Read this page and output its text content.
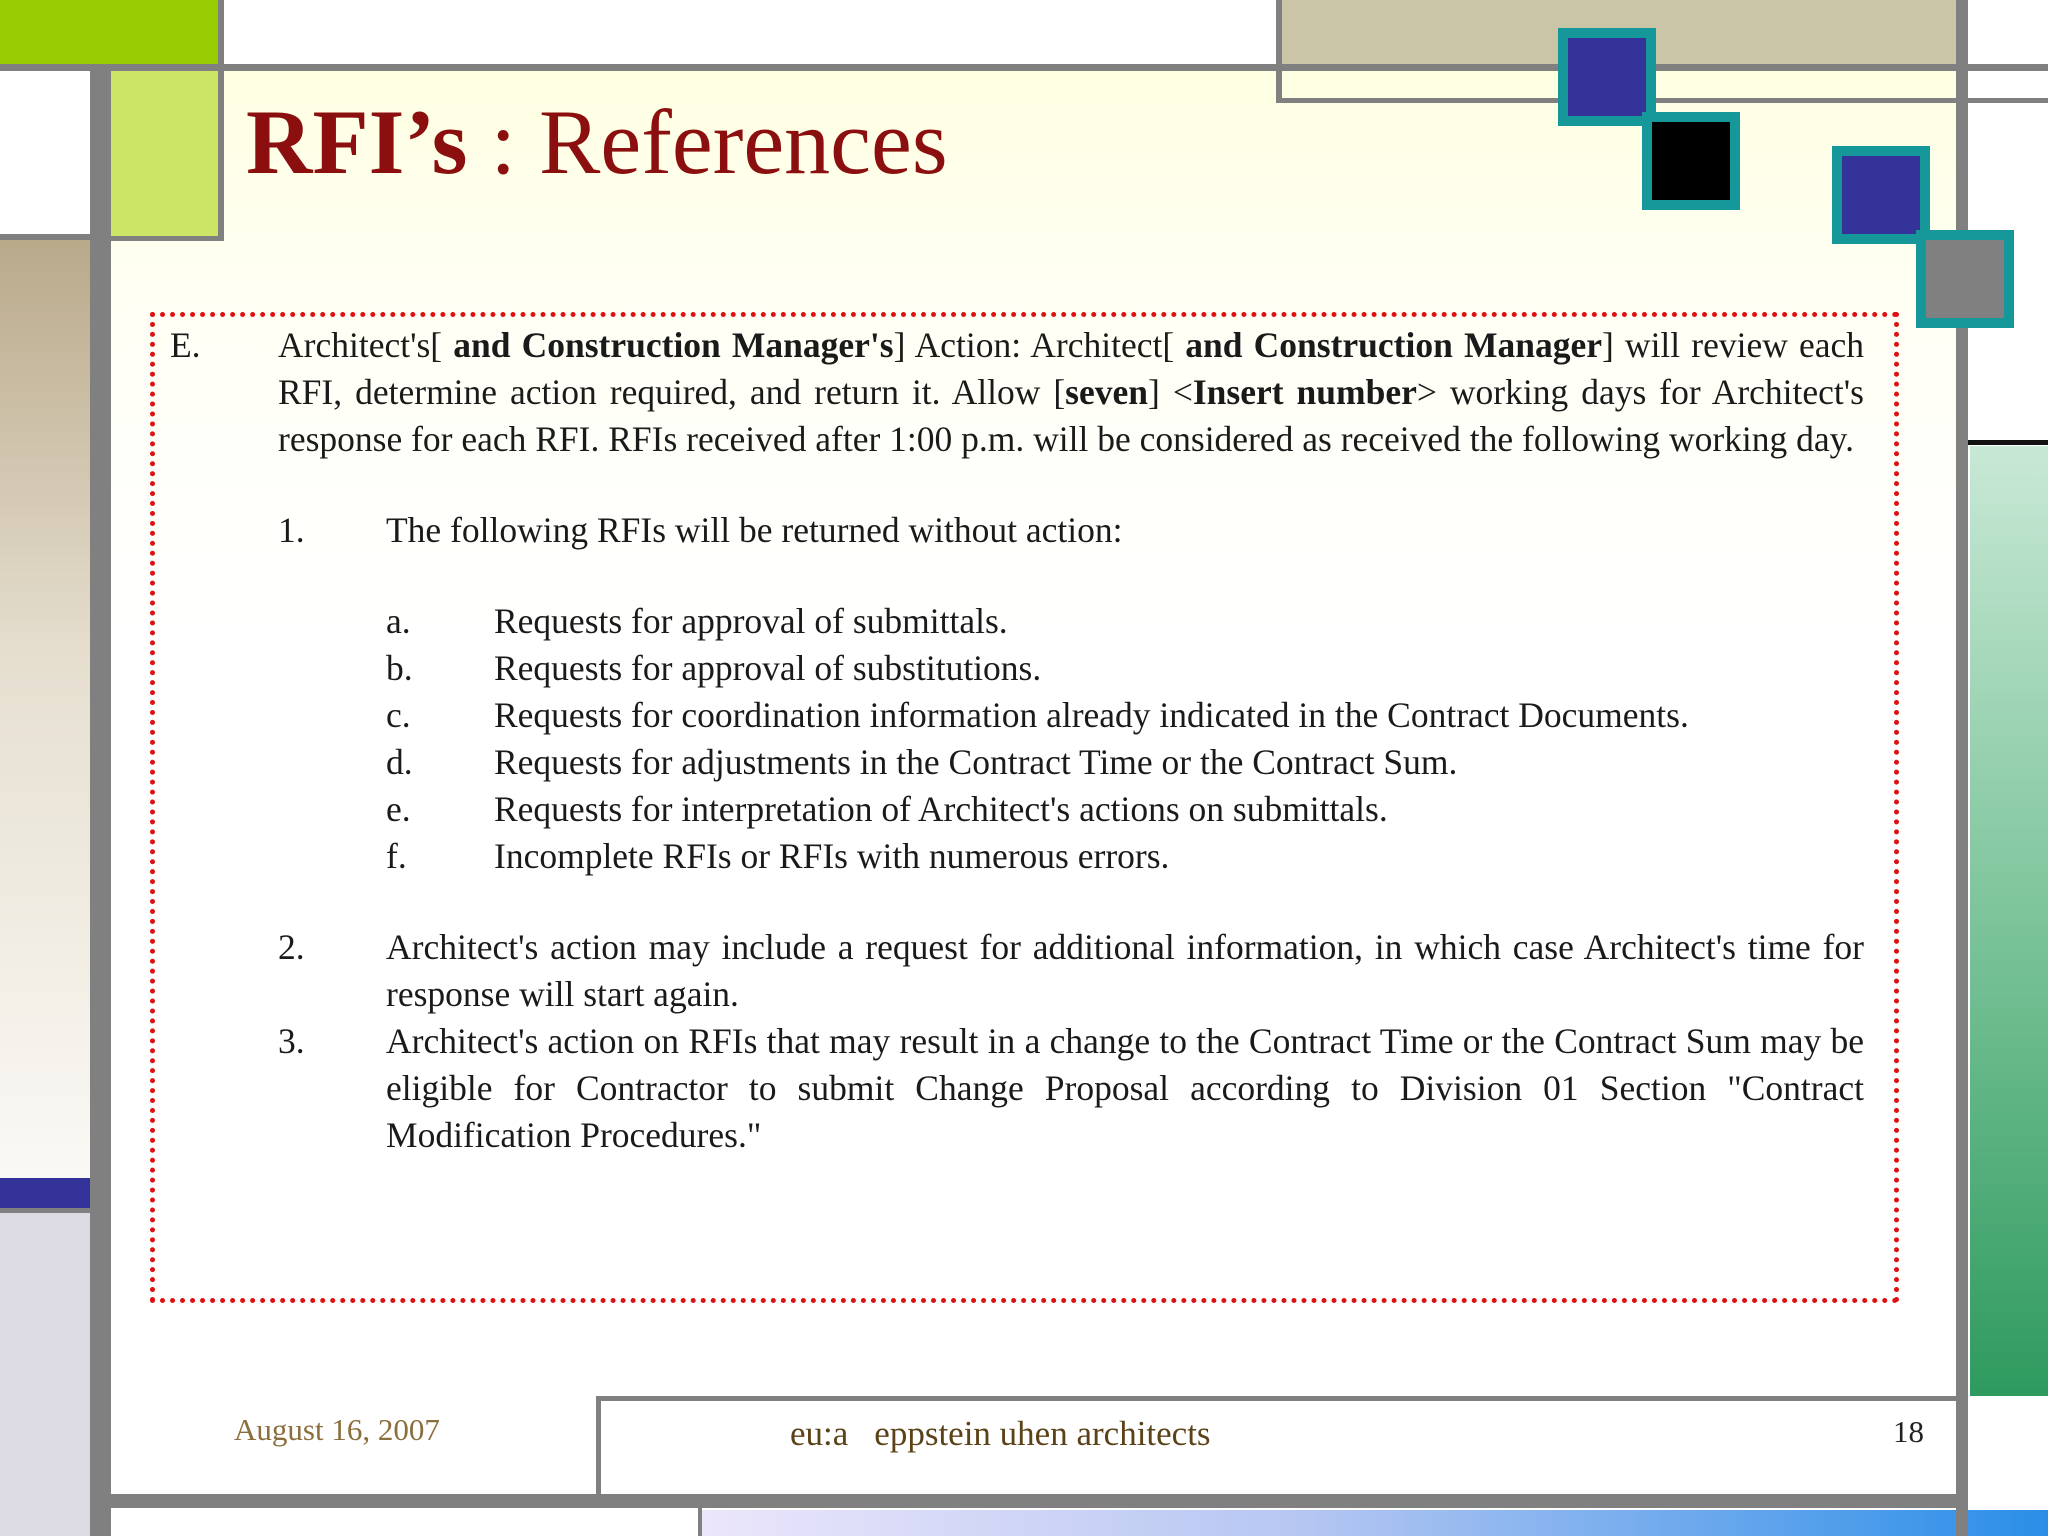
RFI’s : References
E.	Architect's[ and Construction Manager's] Action: Architect[ and Construction Manager] will review each RFI, determine action required, and return it. Allow [seven] <Insert number> working days for Architect's response for each RFI. RFIs received after 1:00 p.m. will be considered as received the following working day.
1.	The following RFIs will be returned without action:
a.	Requests for approval of submittals.
b.	Requests for approval of substitutions.
c.	Requests for coordination information already indicated in the Contract Documents.
d.	Requests for adjustments in the Contract Time or the Contract Sum.
e.	Requests for interpretation of Architect's actions on submittals.
f.	Incomplete RFIs or RFIs with numerous errors.
2.	Architect's action may include a request for additional information, in which case Architect's time for response will start again.
3.	Architect's action on RFIs that may result in a change to the Contract Time or the Contract Sum may be eligible for Contractor to submit Change Proposal according to Division 01 Section "Contract Modification Procedures."
August 16, 2007	eu:a eppstein uhen architects	18
